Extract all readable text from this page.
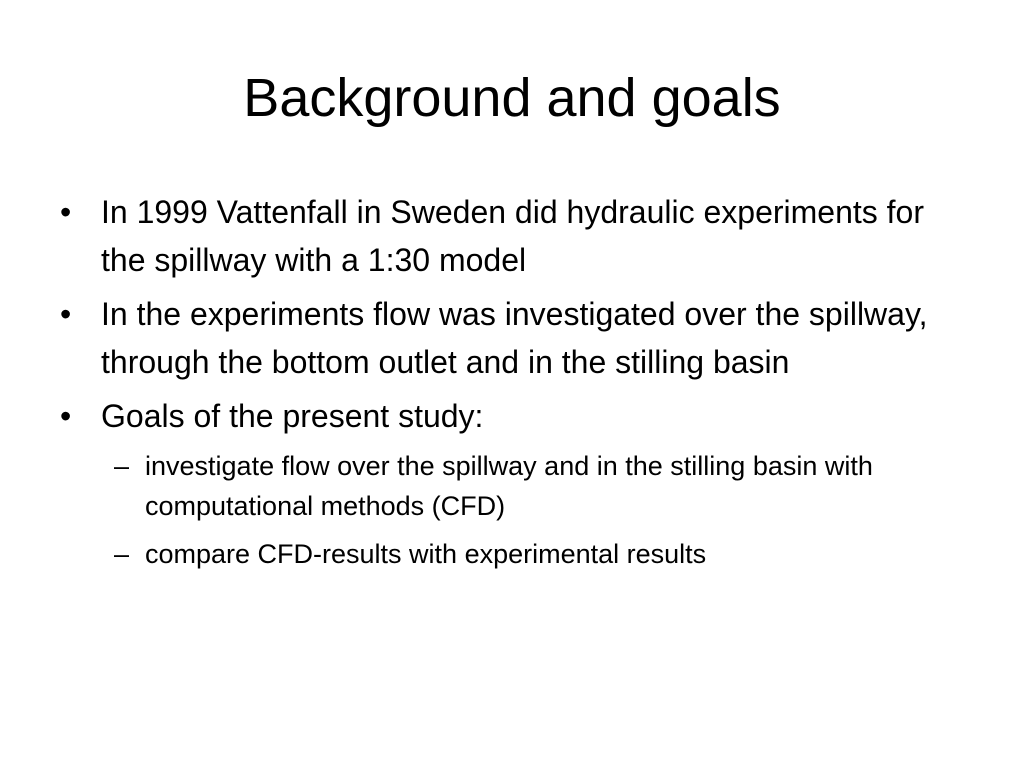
Background and goals
• In 1999 Vattenfall in Sweden did hydraulic experiments for the spillway with a 1:30 model
• In the experiments flow was investigated over the spillway, through the bottom outlet and in the stilling basin
• Goals of the present study:
– investigate flow over the spillway and in the stilling basin with computational methods (CFD)
– compare CFD-results with experimental results
